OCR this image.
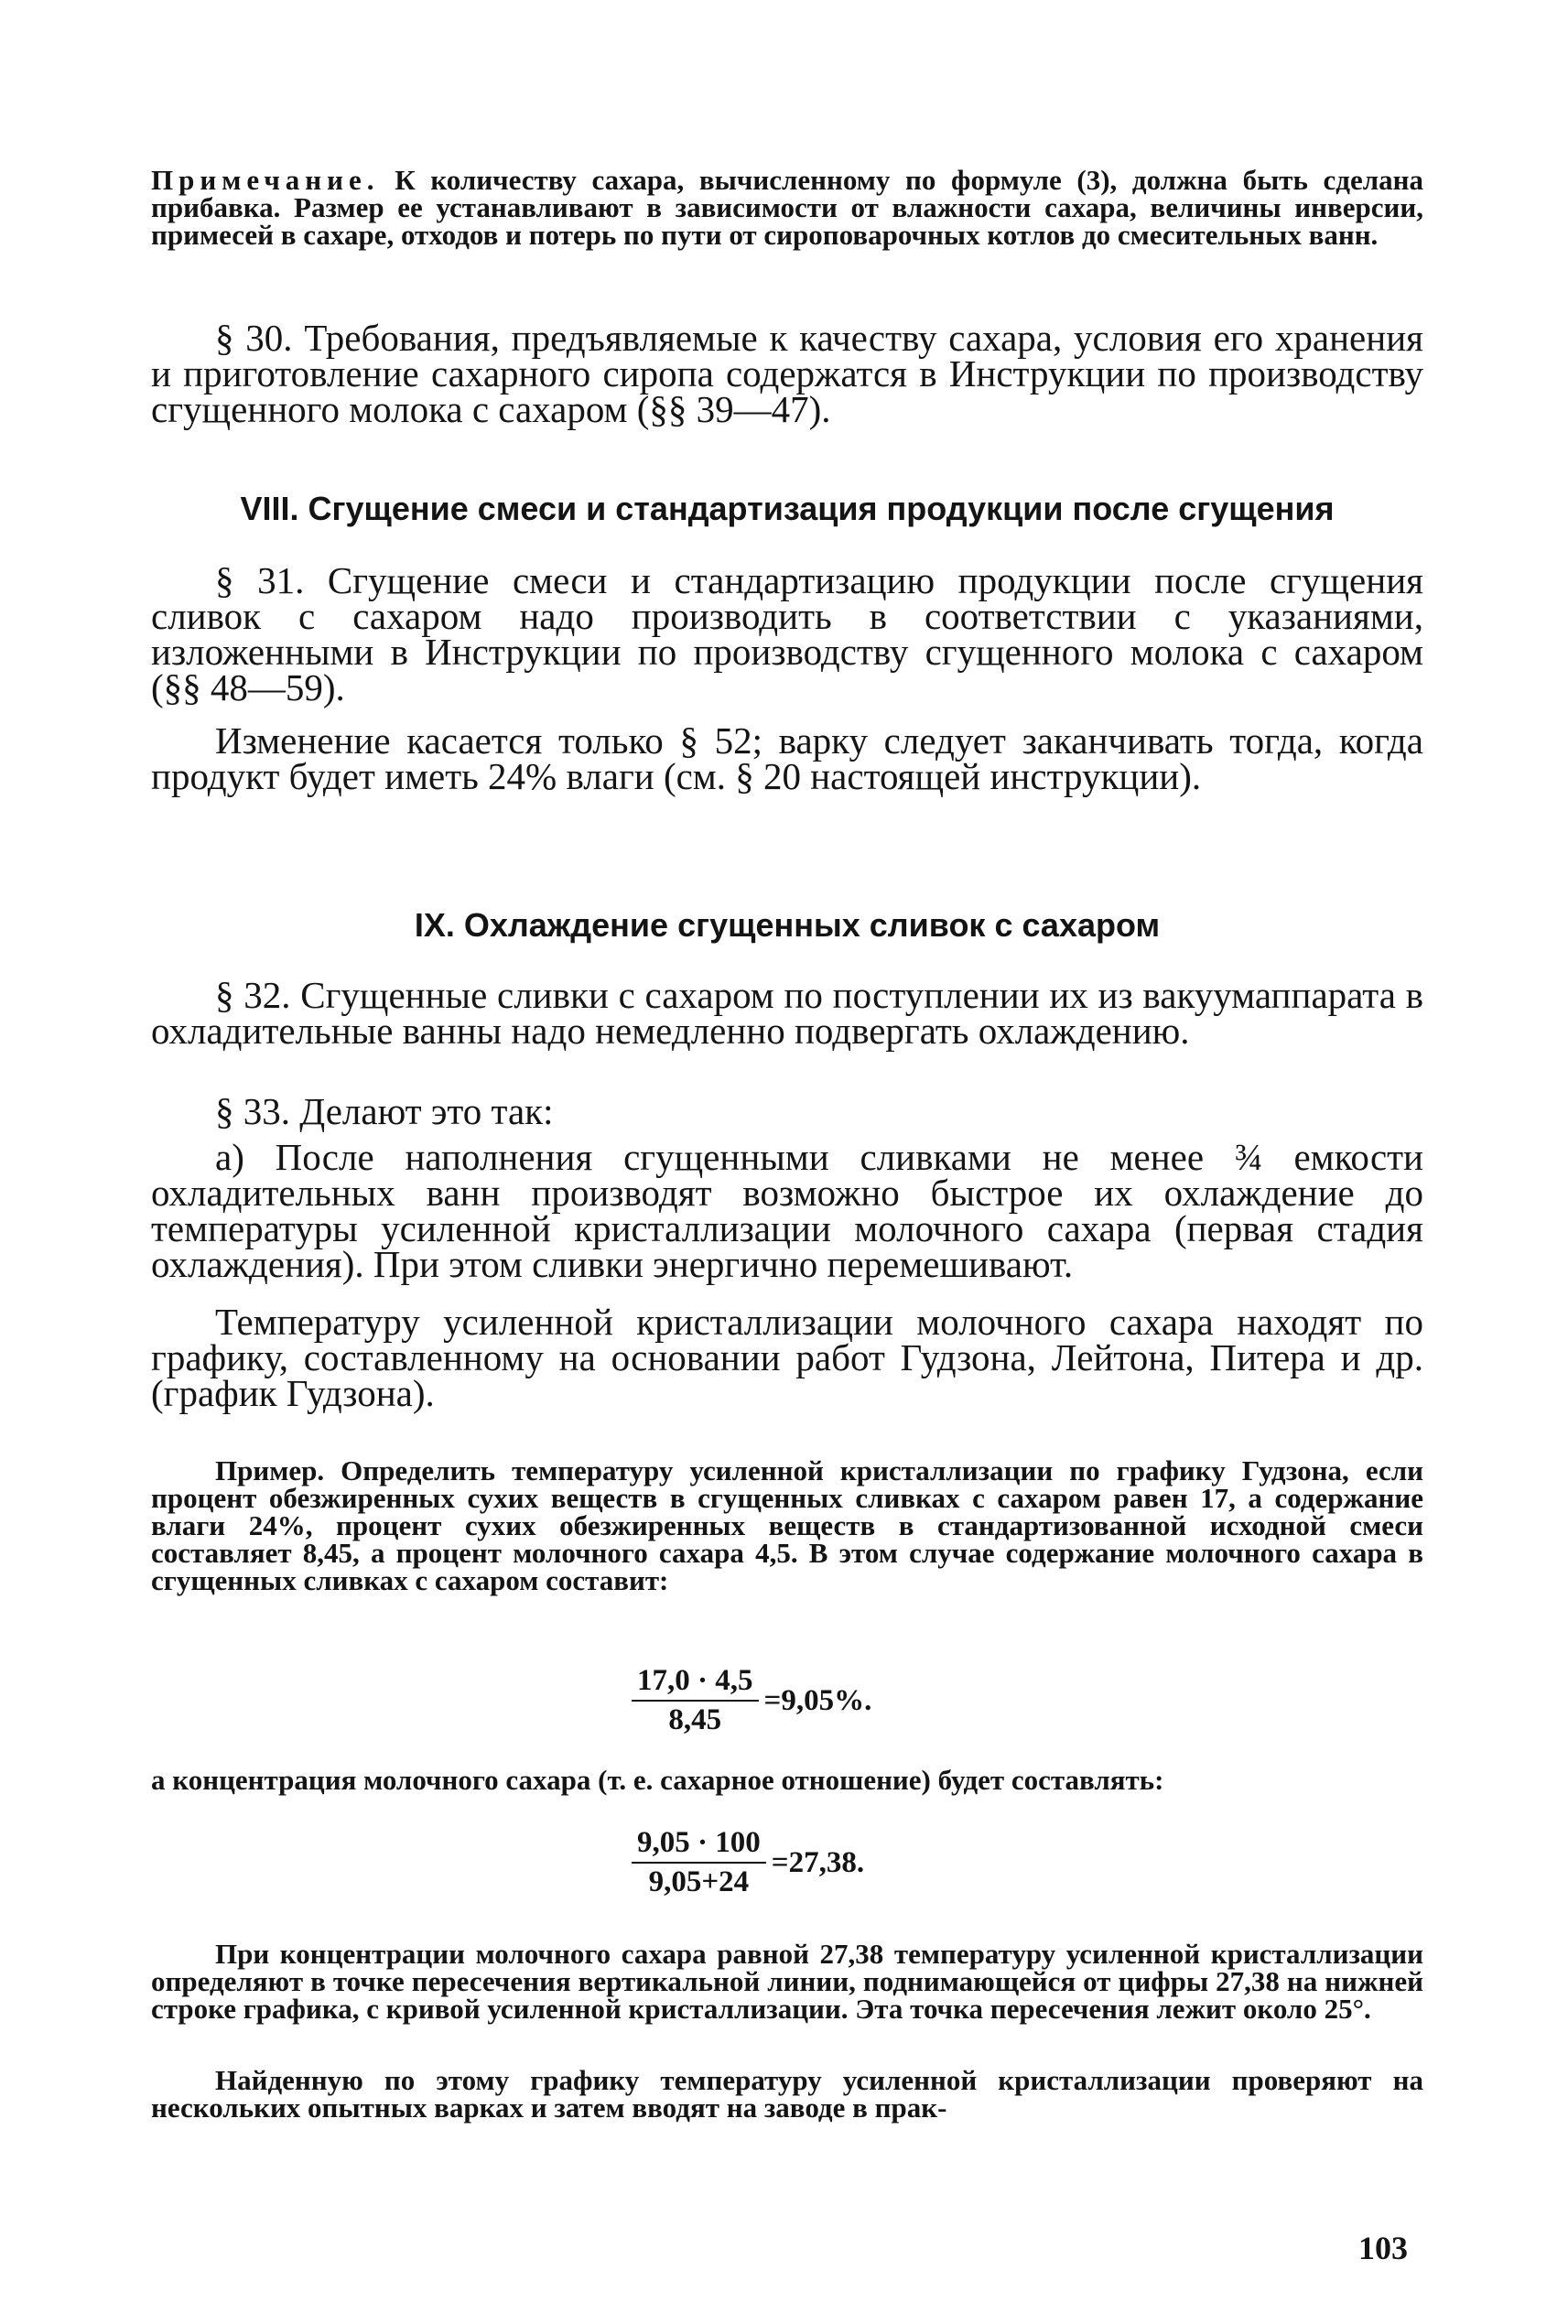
Примечание. К количеству сахара, вычисленному по формуле (3), должна быть сделана прибавка. Размер ее устанавливают в зависимости от влажности сахара, величины инверсии, примесей в сахаре, отходов и потерь по пути от сироповарочных котлов до смесительных ванн.
§ 30. Требования, предъявляемые к качеству сахара, условия его хранения и приготовление сахарного сиропа содержатся в Инструкции по производству сгущенного молока с сахаром (§§ 39—47).
VIII. Сгущение смеси и стандартизация продукции после сгущения
§ 31. Сгущение смеси и стандартизацию продукции после сгущения сливок с сахаром надо производить в соответствии с указаниями, изложенными в Инструкции по производству сгущенного молока с сахаром (§§ 48—59).
Изменение касается только § 52; варку следует заканчивать тогда, когда продукт будет иметь 24% влаги (см. § 20 настоящей инструкции).
IX. Охлаждение сгущенных сливок с сахаром
§ 32. Сгущенные сливки с сахаром по поступлении их из вакуумаппарата в охладительные ванны надо немедленно подвергать охлаждению.
§ 33. Делают это так:
а) После наполнения сгущенными сливками не менее ¾ емкости охладительных ванн производят возможно быстрое их охлаждение до температуры усиленной кристаллизации молочного сахара (первая стадия охлаждения). При этом сливки энергично перемешивают.
Температуру усиленной кристаллизации молочного сахара находят по графику, составленному на основании работ Гудзона, Лейтона, Питера и др. (график Гудзона).
Пример. Определить температуру усиленной кристаллизации по графику Гудзона, если процент обезжиренных сухих веществ в сгущенных сливках с сахаром равен 17, а содержание влаги 24%, процент сухих обезжиренных веществ в стандартизованной исходной смеси составляет 8,45, а процент молочного сахара 4,5. В этом случае содержание молочного сахара в сгущенных сливках с сахаром составит:
$\frac{17,0 \cdot 4,5}{8,45} =9,05\%$.
а концентрация молочного сахара (т. е. сахарное отношение) будет составлять:
$\frac{9,05 \cdot 100}{9,05+24} =27,38$.
При концентрации молочного сахара равной 27,38 температуру усиленной кристаллизации определяют в точке пересечения вертикальной линии, поднимающейся от цифры 27,38 на нижней строке графика, с кривой усиленной кристаллизации. Эта точка пересечения лежит около 25°.
Найденную по этому графику температуру усиленной кристаллизации проверяют на нескольких опытных варках и затем вводят на заводе в прак-
103
